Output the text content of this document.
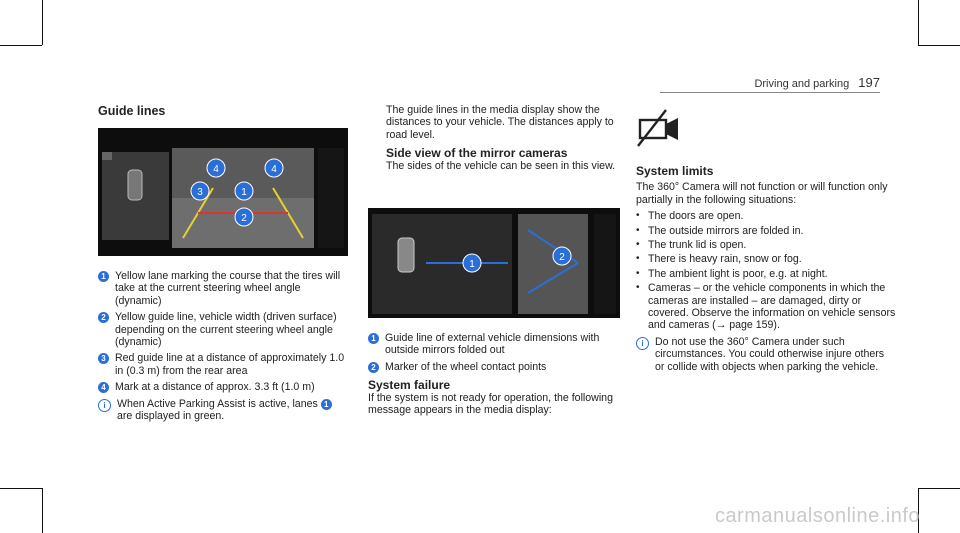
Driving and parking 197
Guide lines
4	4
3	1
2
1 Yellow lane marking the course that the tires will take at the current steering wheel angle (dynamic)
2 Yellow guide line, vehicle width (driven surface) depending on the current steering wheel angle (dynamic)
3 Red guide line at a distance of approximately 1.0 in (0.3 m) from the rear area
4 Mark at a distance of approx. 3.3 ft (1.0 m)
i	When Active Parking Assist is active, lanes 1
are displayed in green.
The guide lines in the media display show the distances to your vehicle. The distances apply to road level.
Side view of the mirror cameras
The sides of the vehicle can be seen in this view.
1
2
1 Guide line of external vehicle dimensions with outside mirrors folded out
2 Marker of the wheel contact points
System failure
If the system is not ready for operation, the following message appears in the media display:
System limits
The 360° Camera will not function or will function only partially in the following situations:
• The doors are open.
• The outside mirrors are folded in.
• The trunk lid is open.
• There is heavy rain, snow or fog.
• The ambient light is poor, e.g. at night.
• Cameras – or the vehicle components in which the cameras are installed – are damaged, dirty or covered. Observe the information on vehicle sensors and cameras (→ page 159).
i	Do not use the 360° Camera under such circumstances. You could otherwise injure others or collide with objects when parking the vehicle.
carmanualsonline.info
